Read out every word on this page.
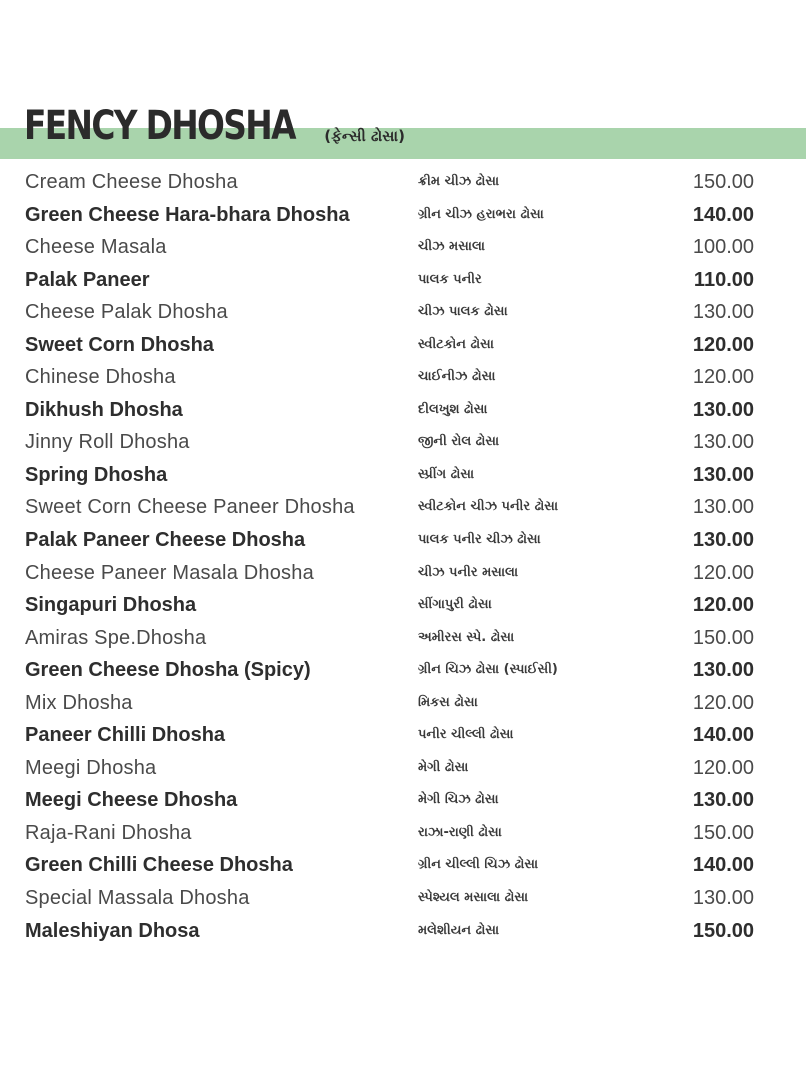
FENCY DHOSHA (ફેન્સી ઢોસા)
Cream Cheese Dhosha	ક્રીમ ચીઝ ઢોસા	150.00
Green Cheese Hara-bhara Dhosha	ગ્રીન ચીઝ હરાભરા ઢોસા	140.00
Cheese Masala	ચીઝ મસાલા	100.00
Palak Paneer	પાલક પનીર	110.00
Cheese Palak Dhosha	ચીઝ પાલક ઢોસા	130.00
Sweet Corn Dhosha	સ્વીટકોન ઢોસા	120.00
Chinese Dhosha	ચાઈનીઝ ઢોસા	120.00
Dikhush Dhosha	દીલખુશ ઢોસા	130.00
Jinny Roll Dhosha	જીની રોલ ઢોસા	130.00
Spring Dhosha	સ્પ્રીંગ ઢોસા	130.00
Sweet Corn Cheese Paneer Dhosha	સ્વીટકોન ચીઝ પનીર ઢોસા	130.00
Palak Paneer Cheese Dhosha	પાલક પનીર ચીઝ ઢોસા	130.00
Cheese Paneer Masala Dhosha	ચીઝ પનીર મસાલા	120.00
Singapuri Dhosha	સીંગાપુરી ઢોસા	120.00
Amiras Spe.Dhosha	અમીરસ સ્પે. ઢોસા	150.00
Green Cheese Dhosha (Spicy)	ગ્રીન ચિઝ ઢોસા (સ્પાઈસી)	130.00
Mix Dhosha	મિકસ ઢોસા	120.00
Paneer Chilli Dhosha	પનીર ચીલ્લી ઢોસા	140.00
Meegi Dhosha	મેગી ઢોસા	120.00
Meegi Cheese Dhosha	મેગી ચિઝ ઢોસા	130.00
Raja-Rani Dhosha	રાઝા-રાણી ઢોસા	150.00
Green Chilli Cheese Dhosha	ગ્રીન ચીલ્લી ચિઝ ઢોસા	140.00
Special Massala Dhosha	સ્પેશ્યલ મસાલા ઢોસા	130.00
Maleshiyan Dhosa	મલેશીયન ઢોસા	150.00
